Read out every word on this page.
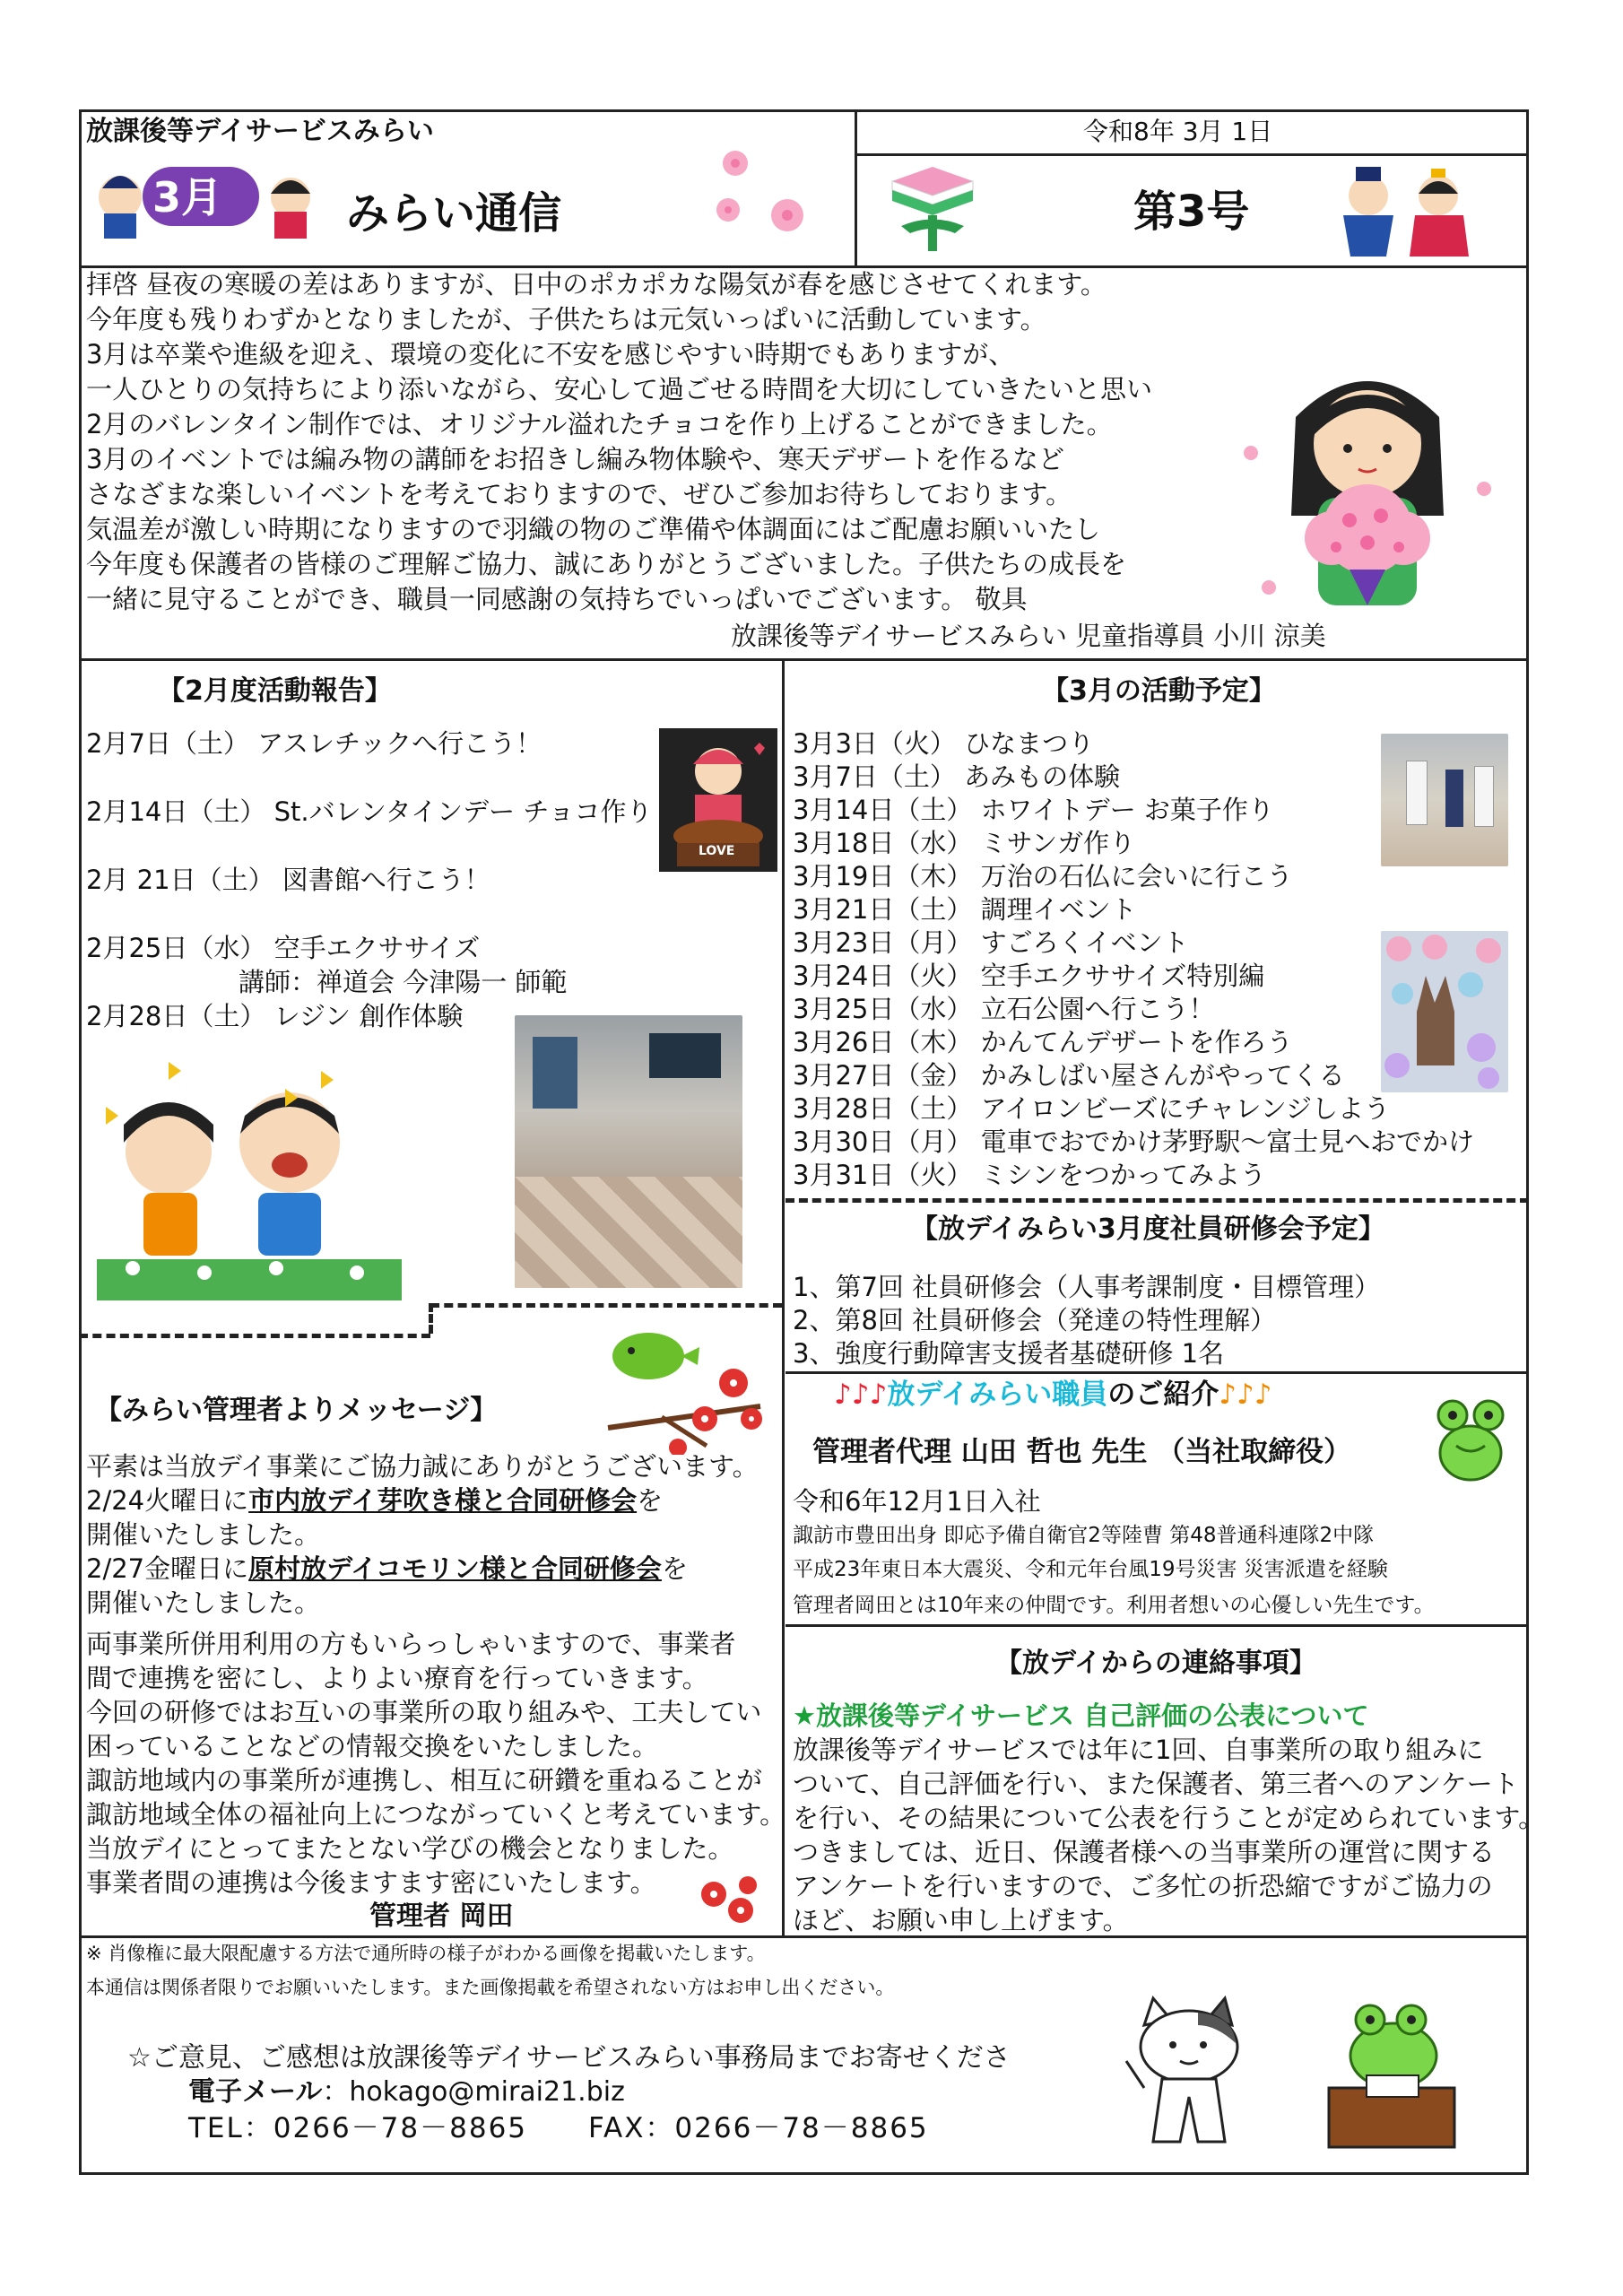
放課後等デイサービスみらい
3月	みらい通信
令和8年 3月 1日
第3号
拝啓 昼夜の寒暖の差はありますが、日中のポカポカな陽気が春を感じさせてくれます。
今年度も残りわずかとなりましたが、子供たちは元気いっぱいに活動しています。
3月は卒業や進級を迎え、環境の変化に不安を感じやすい時期でもありますが、
一人ひとりの気持ちにより添いながら、安心して過ごせる時間を大切にしていきたいと思い
2月のバレンタイン制作では、オリジナル溢れたチョコを作り上げることができました。
3月のイベントでは編み物の講師をお招きし編み物体験や、寒天デザートを作るなど
さなざまな楽しいイベントを考えておりますので、ぜひご参加お待ちしております。
気温差が激しい時期になりますので羽織の物のご準備や体調面にはご配慮お願いいたし
今年度も保護者の皆様のご理解ご協力、誠にありがとうございました。子供たちの成長を
一緒に見守ることができ、職員一同感謝の気持ちでいっぱいでございます。 敬具
放課後等デイサービスみらい 児童指導員 小川 涼美
【2月度活動報告】
2月7日（土） アスレチックへ行こう！
2月14日（土） St.バレンタインデー チョコ作り
2月 21日（土） 図書館へ行こう！
2月25日（水） 空手エクササイズ
講師：禅道会 今津陽一 師範
2月28日（土） レジン 創作体験
LOVE
【3月の活動予定】
3月3日（火） ひなまつり
3月7日（土） あみもの体験
3月14日（土） ホワイトデー お菓子作り
3月18日（水） ミサンガ作り
3月19日（木） 万治の石仏に会いに行こう
3月21日（土） 調理イベント
3月23日（月） すごろくイベント
3月24日（火） 空手エクササイズ特別編
3月25日（水） 立石公園へ行こう！
3月26日（木） かんてんデザートを作ろう
3月27日（金） かみしばい屋さんがやってくる
3月28日（土） アイロンビーズにチャレンジしよう
3月30日（月） 電車でおでかけ茅野駅～富士見へおでかけ
3月31日（火） ミシンをつかってみよう
【放デイみらい3月度社員研修会予定】
1、第7回 社員研修会（人事考課制度・目標管理）
2、第8回 社員研修会（発達の特性理解）
3、強度行動障害支援者基礎研修 1名
【みらい管理者よりメッセージ】
平素は当放デイ事業にご協力誠にありがとうございます。
2/24火曜日に市内放デイ芽吹き様と合同研修会を
開催いたしました。
2/27金曜日に原村放デイコモリン様と合同研修会を
開催いたしました。
両事業所併用利用の方もいらっしゃいますので、事業者
間で連携を密にし、よりよい療育を行っていきます。
今回の研修ではお互いの事業所の取り組みや、工夫してい
困っていることなどの情報交換をいたしました。
諏訪地域内の事業所が連携し、相互に研鑽を重ねることが
諏訪地域全体の福祉向上につながっていくと考えています。
当放デイにとってまたとない学びの機会となりました。
事業者間の連携は今後ますます密にいたします。
管理者 岡田
♪♪♪放デイみらい職員のご紹介♪♪♪
管理者代理 山田 哲也 先生 （当社取締役）
令和6年12月1日入社
諏訪市豊田出身 即応予備自衛官2等陸曹 第48普通科連隊2中隊
平成23年東日本大震災、令和元年台風19号災害 災害派遣を経験
管理者岡田とは10年来の仲間です。利用者想いの心優しい先生です。
【放デイからの連絡事項】
★放課後等デイサービス 自己評価の公表について
放課後等デイサービスでは年に1回、自事業所の取り組みに
ついて、自己評価を行い、また保護者、第三者へのアンケート
を行い、その結果について公表を行うことが定められています。
つきましては、近日、保護者様への当事業所の運営に関する
アンケートを行いますので、ご多忙の折恐縮ですがご協力の
ほど、お願い申し上げます。
※ 肖像権に最大限配慮する方法で通所時の様子がわかる画像を掲載いたします。
本通信は関係者限りでお願いいたします。また画像掲載を希望されない方はお申し出ください。
☆ご意見、ご感想は放課後等デイサービスみらい事務局までお寄せくださ
電子メール：hokago@mirai21.biz
TEL：0266－78－8865 FAX：0266－78－8865
